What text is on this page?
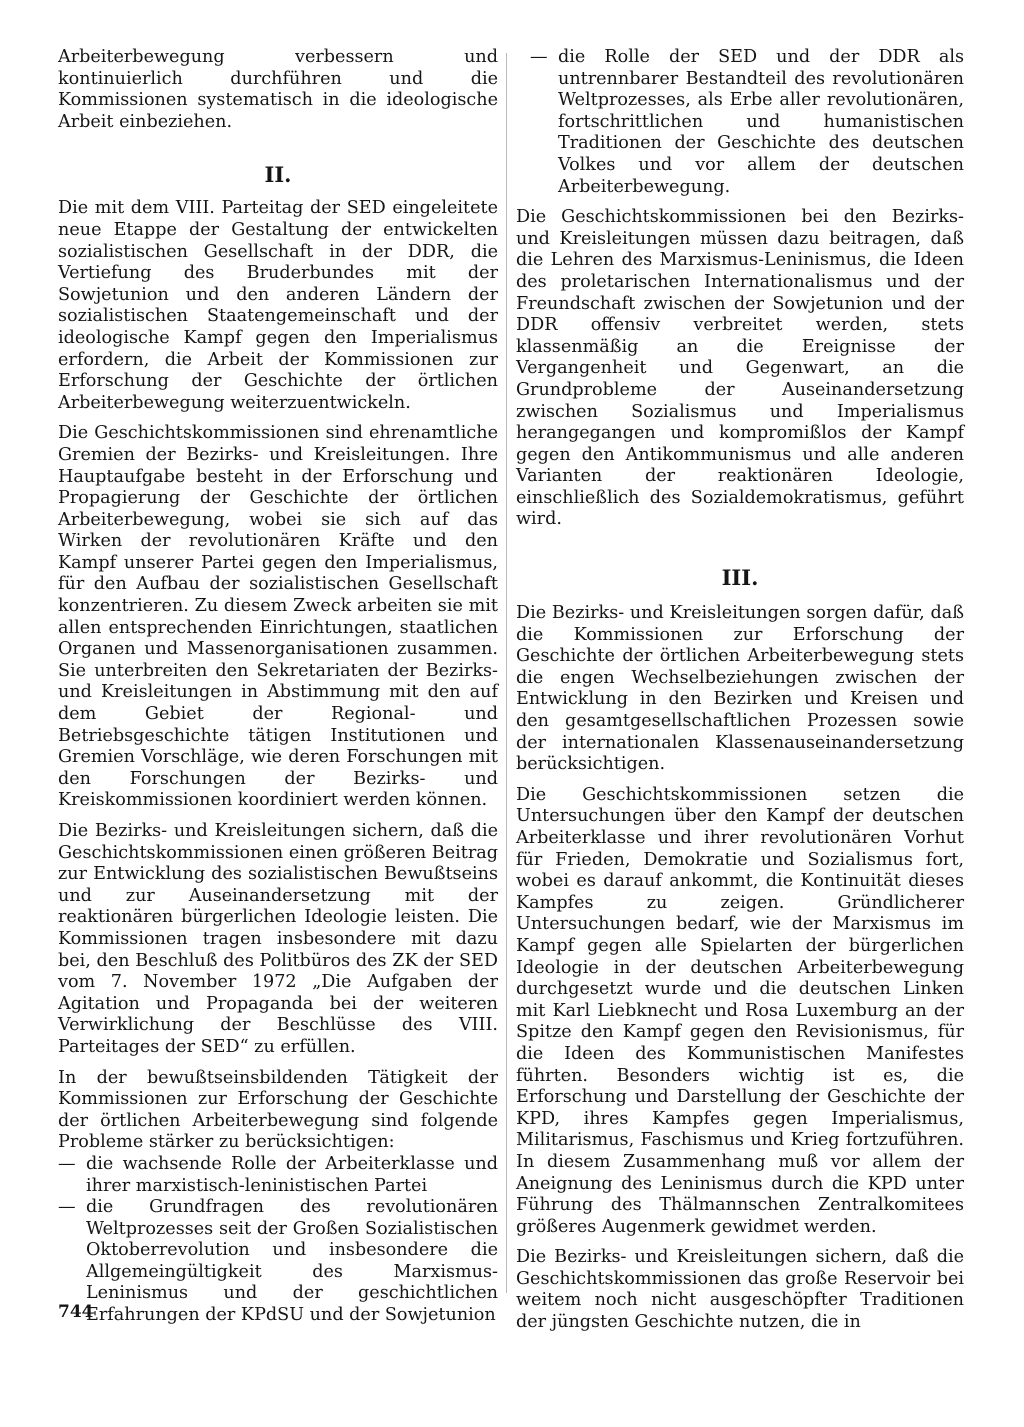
Arbeiterbewegung verbessern und kontinuierlich durchführen und die Kommissionen systematisch in die ideologische Arbeit einbeziehen.

II.

Die mit dem VIII. Parteitag der SED eingeleitete neue Etappe der Gestaltung der entwickelten sozialistischen Gesellschaft in der DDR, die Vertiefung des Bruderbundes mit der Sowjetunion und den anderen Ländern der sozialistischen Staatengemeinschaft und der ideologische Kampf gegen den Imperialismus erfordern, die Arbeit der Kommissionen zur Erforschung der Geschichte der örtlichen Arbeiterbewegung weiterzuentwickeln.

Die Geschichtskommissionen sind ehrenamtliche Gremien der Bezirks- und Kreisleitungen. Ihre Hauptaufgabe besteht in der Erforschung und Propagierung der Geschichte der örtlichen Arbeiterbewegung, wobei sie sich auf das Wirken der revolutionären Kräfte und den Kampf unserer Partei gegen den Imperialismus, für den Aufbau der sozialistischen Gesellschaft konzentrieren. Zu diesem Zweck arbeiten sie mit allen entsprechenden Einrichtungen, staatlichen Organen und Massenorganisationen zusammen. Sie unterbreiten den Sekretariaten der Bezirks- und Kreisleitungen in Abstimmung mit den auf dem Gebiet der Regional- und Betriebsgeschichte tätigen Institutionen und Gremien Vorschläge, wie deren Forschungen mit den Forschungen der Bezirks- und Kreiskommissionen koordiniert werden können.

Die Bezirks- und Kreisleitungen sichern, daß die Geschichtskommissionen einen größeren Beitrag zur Entwicklung des sozialistischen Bewußtseins und zur Auseinandersetzung mit der reaktionären bürgerlichen Ideologie leisten. Die Kommissionen tragen insbesondere mit dazu bei, den Beschluß des Politbüros des ZK der SED vom 7. November 1972 „Die Aufgaben der Agitation und Propaganda bei der weiteren Verwirklichung der Beschlüsse des VIII. Parteitages der SED“ zu erfüllen.

In der bewußtseinsbildenden Tätigkeit der Kommissionen zur Erforschung der Geschichte der örtlichen Arbeiterbewegung sind folgende Probleme stärker zu berücksichtigen:

— die wachsende Rolle der Arbeiterklasse und ihrer marxistisch-leninistischen Partei
— die Grundfragen des revolutionären Weltprozesses seit der Großen Sozialistischen Oktoberrevolution und insbesondere die Allgemeingültigkeit des Marxismus-Leninismus und der geschichtlichen Erfahrungen der KPdSU und der Sowjetunion
— die Rolle der SED und der DDR als untrennbarer Bestandteil des revolutionären Weltprozesses, als Erbe aller revolutionären, fortschrittlichen und humanistischen Traditionen der Geschichte des deutschen Volkes und vor allem der deutschen Arbeiterbewegung.

Die Geschichtskommissionen bei den Bezirks- und Kreisleitungen müssen dazu beitragen, daß die Lehren des Marxismus-Leninismus, die Ideen des proletarischen Internationalismus und der Freundschaft zwischen der Sowjetunion und der DDR offensiv verbreitet werden, stets klassenmäßig an die Ereignisse der Vergangenheit und Gegenwart, an die Grundprobleme der Auseinandersetzung zwischen Sozialismus und Imperialismus herangegangen und kompromißlos der Kampf gegen den Antikommunismus und alle anderen Varianten der reaktionären Ideologie, einschließlich des Sozialdemokratismus, geführt wird.

III.

Die Bezirks- und Kreisleitungen sorgen dafür, daß die Kommissionen zur Erforschung der Geschichte der örtlichen Arbeiterbewegung stets die engen Wechselbeziehungen zwischen der Entwicklung in den Bezirken und Kreisen und den gesamtgesellschaftlichen Prozessen sowie der internationalen Klassenauseinandersetzung berücksichtigen.

Die Geschichtskommissionen setzen die Untersuchungen über den Kampf der deutschen Arbeiterklasse und ihrer revolutionären Vorhut für Frieden, Demokratie und Sozialismus fort, wobei es darauf ankommt, die Kontinuität dieses Kampfes zu zeigen. Gründlicherer Untersuchungen bedarf, wie der Marxismus im Kampf gegen alle Spielarten der bürgerlichen Ideologie in der deutschen Arbeiterbewegung durchgesetzt wurde und die deutschen Linken mit Karl Liebknecht und Rosa Luxemburg an der Spitze den Kampf gegen den Revisionismus, für die Ideen des Kommunistischen Manifestes führten. Besonders wichtig ist es, die Erforschung und Darstellung der Geschichte der KPD, ihres Kampfes gegen Imperialismus, Militarismus, Faschismus und Krieg fortzuführen. In diesem Zusammenhang muß vor allem der Aneignung des Leninismus durch die KPD unter Führung des Thälmannschen Zentralkomitees größeres Augenmerk gewidmet werden.

Die Bezirks- und Kreisleitungen sichern, daß die Geschichtskommissionen das große Reservoir bei weitem noch nicht ausgeschöpfter Traditionen der jüngsten Geschichte nutzen, die in

744
